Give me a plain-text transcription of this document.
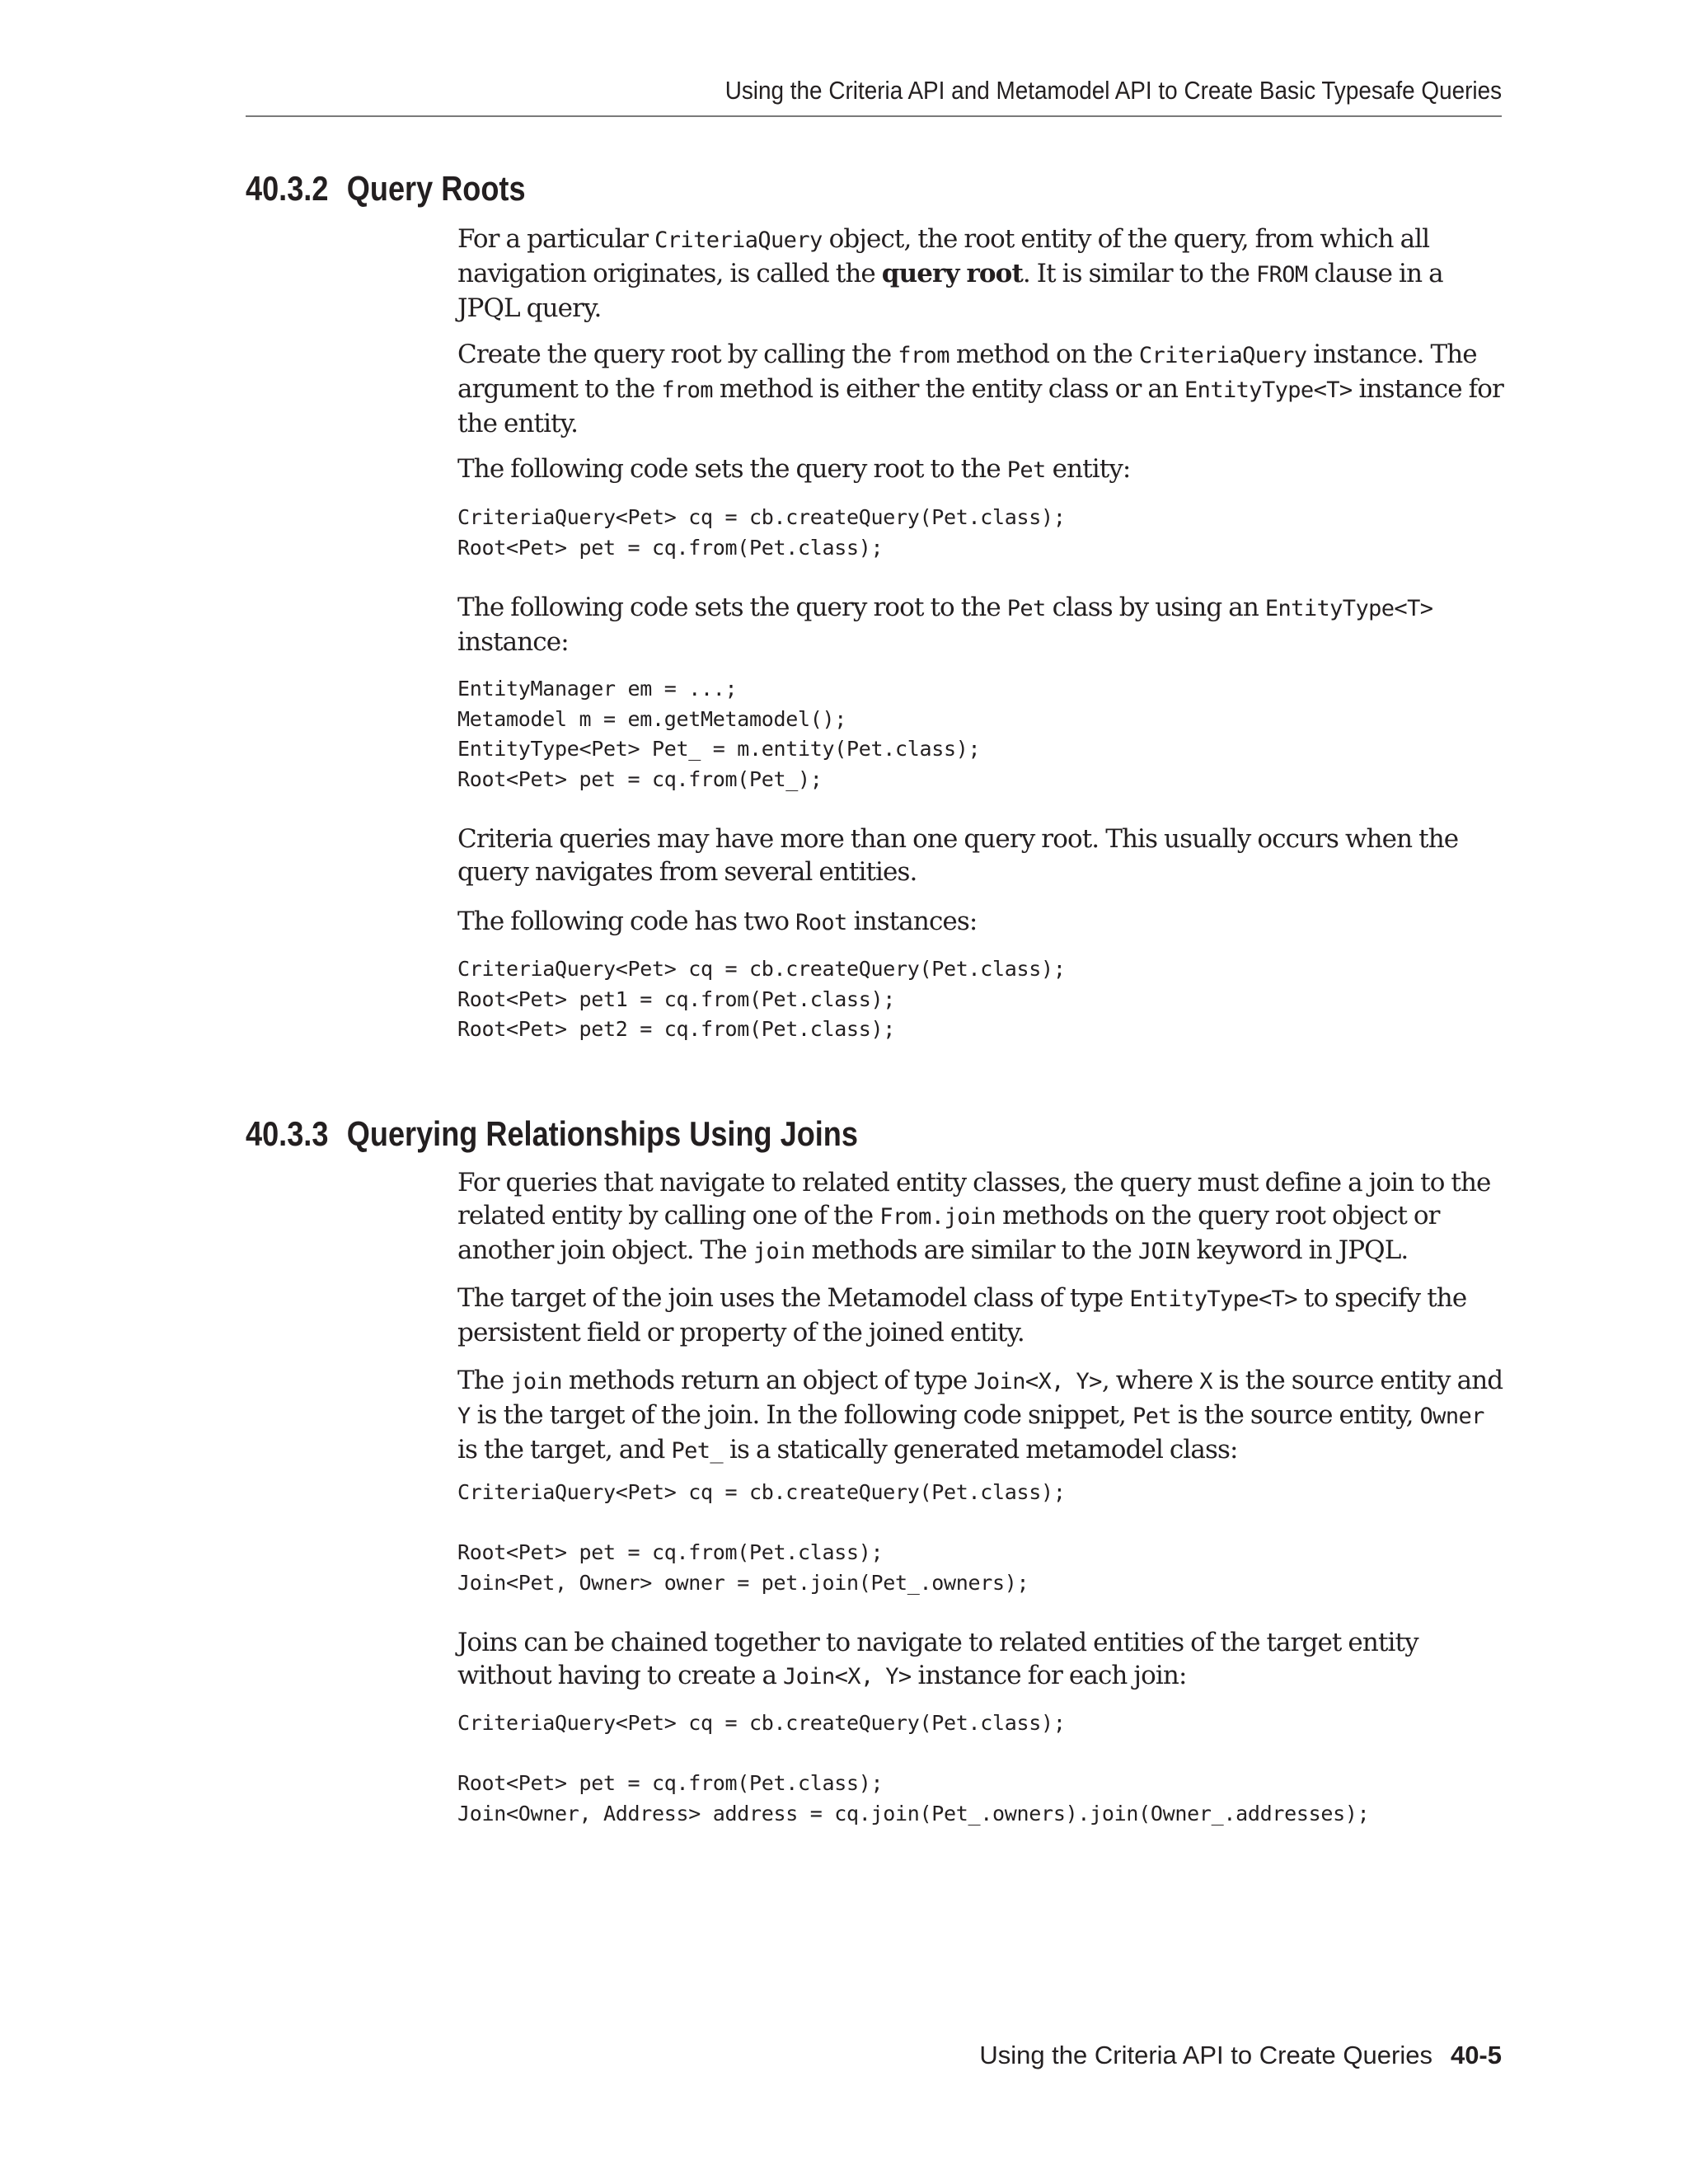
Using the Criteria API and Metamodel API to Create Basic Typesafe Queries
40.3.2 Query Roots

For a particular CriteriaQuery object, the root entity of the query, from which all navigation originates, is called the query root. It is similar to the FROM clause in a JPQL query.

Create the query root by calling the from method on the CriteriaQuery instance. The argument to the from method is either the entity class or an EntityType<T> instance for the entity.

The following code sets the query root to the Pet entity:

CriteriaQuery<Pet> cq = cb.createQuery(Pet.class);
Root<Pet> pet = cq.from(Pet.class);

The following code sets the query root to the Pet class by using an EntityType<T> instance:

EntityManager em = ...;
Metamodel m = em.getMetamodel();
EntityType<Pet> Pet_ = m.entity(Pet.class);
Root<Pet> pet = cq.from(Pet_);

Criteria queries may have more than one query root. This usually occurs when the query navigates from several entities.

The following code has two Root instances:

CriteriaQuery<Pet> cq = cb.createQuery(Pet.class);
Root<Pet> pet1 = cq.from(Pet.class);
Root<Pet> pet2 = cq.from(Pet.class);
40.3.3 Querying Relationships Using Joins

For queries that navigate to related entity classes, the query must define a join to the related entity by calling one of the From.join methods on the query root object or another join object. The join methods are similar to the JOIN keyword in JPQL.

The target of the join uses the Metamodel class of type EntityType<T> to specify the persistent field or property of the joined entity.

The join methods return an object of type Join<X, Y>, where X is the source entity and Y is the target of the join. In the following code snippet, Pet is the source entity, Owner is the target, and Pet_ is a statically generated metamodel class:

CriteriaQuery<Pet> cq = cb.createQuery(Pet.class);

Root<Pet> pet = cq.from(Pet.class);
Join<Pet, Owner> owner = pet.join(Pet_.owners);

Joins can be chained together to navigate to related entities of the target entity without having to create a Join<X, Y> instance for each join:

CriteriaQuery<Pet> cq = cb.createQuery(Pet.class);

Root<Pet> pet = cq.from(Pet.class);
Join<Owner, Address> address = cq.join(Pet_.owners).join(Owner_.addresses);
Using the Criteria API to Create Queries 40-5
